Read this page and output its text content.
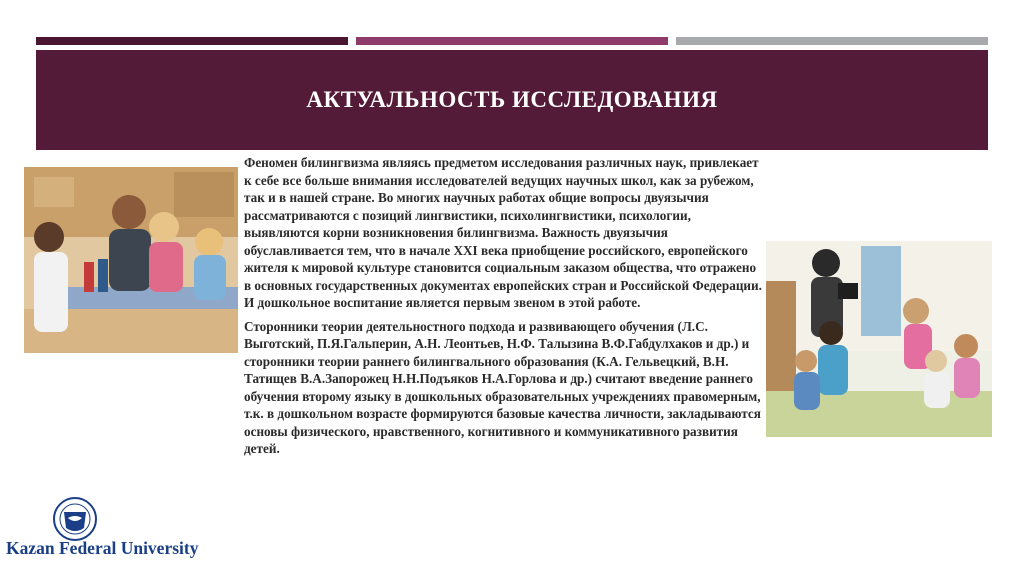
АКТУАЛЬНОСТЬ ИССЛЕДОВАНИЯ

Феномен билингвизма являясь предметом исследования различных наук, привлекает к себе все больше внимания исследователей ведущих научных школ, как за рубежом, так и в нашей стране. Во многих научных работах общие вопросы двуязычия рассматриваются с позиций лингвистики, психолингвистики, психологии, выявляются корни возникновения билингвизма. Важность двуязычия обуславливается тем, что в начале XXI века приобщение российского, европейского жителя к мировой культуре становится социальным заказом общества, что отражено в основных государственных документах европейских стран и Российской Федерации. И дошкольное воспитание является первым звеном в этой работе.

Сторонники теории деятельностного подхода и развивающего обучения (Л.С. Выготский, П.Я.Гальперин, А.Н. Леонтьев, Н.Ф. Талызина В.Ф.Габдулхаков и др.) и сторонники теории раннего билингвального образования (К.А. Гельвецкий, В.Н. Татищев В.А.Запорожец Н.Н.Подъяков Н.А.Горлова и др.) считают введение раннего обучения второму языку в дошкольных образовательных учреждениях правомерным, т.к. в дошкольном возрасте формируются базовые качества личности, закладываются основы физического, нравственного, когнитивного и коммуникативного развития детей.

Kazan Federal University
